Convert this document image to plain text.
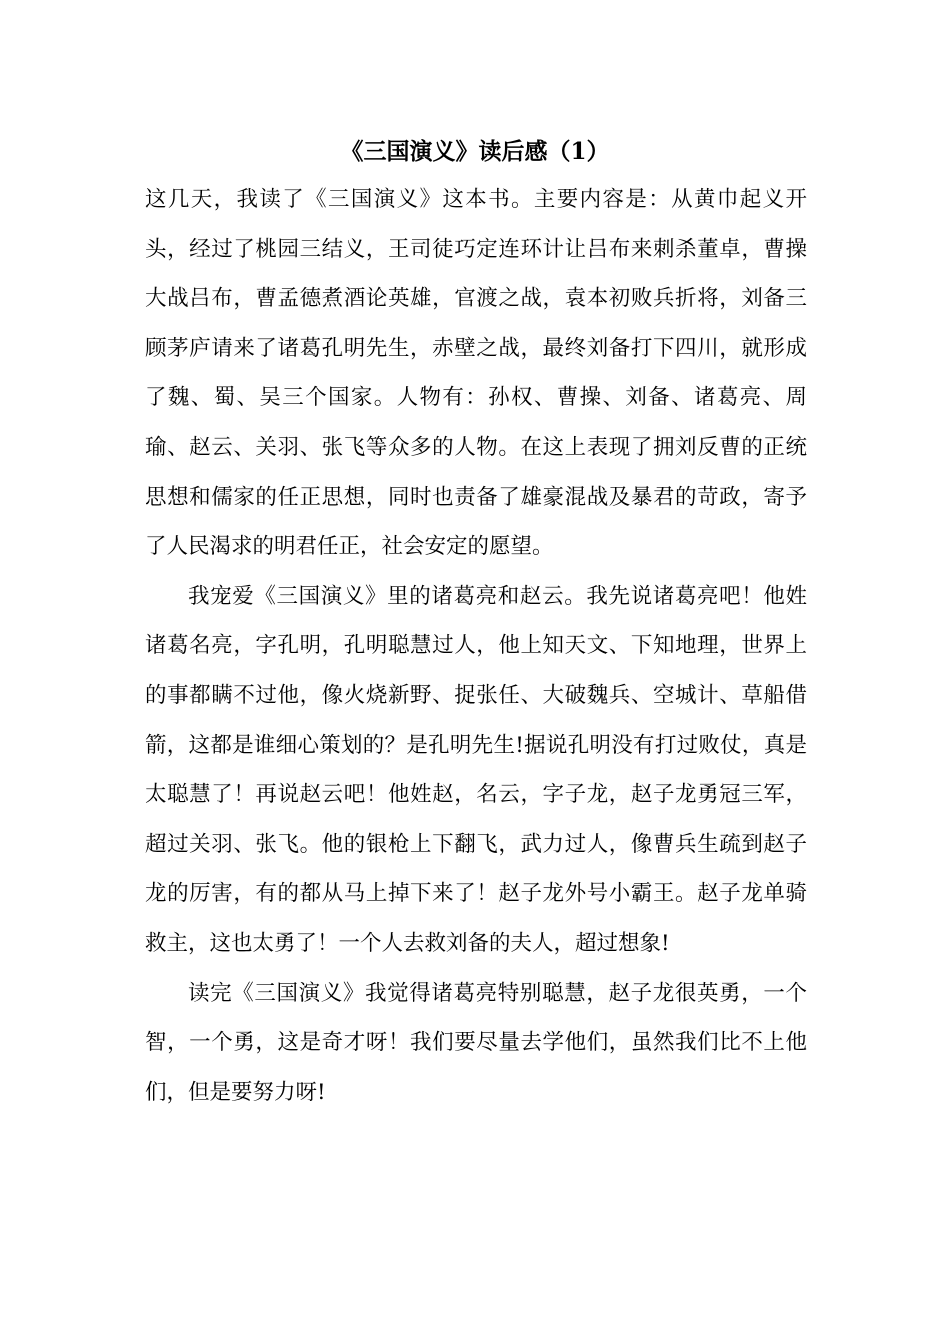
《三国演义》读后感（1）

这几天，我读了《三国演义》这本书。主要内容是：从黄巾起义开头，经过了桃园三结义，王司徒巧定连环计让吕布来刺杀董卓，曹操大战吕布，曹孟德煮酒论英雄，官渡之战，袁本初败兵折将，刘备三顾茅庐请来了诸葛孔明先生，赤壁之战，最终刘备打下四川，就形成了魏、蜀、吴三个国家。人物有：孙权、曹操、刘备、诸葛亮、周瑜、赵云、关羽、张飞等众多的人物。在这上表现了拥刘反曹的正统思想和儒家的任正思想，同时也责备了雄豪混战及暴君的苛政，寄予了人民渴求的明君任正，社会安定的愿望。

我宠爱《三国演义》里的诸葛亮和赵云。我先说诸葛亮吧！他姓诸葛名亮，字孔明，孔明聪慧过人，他上知天文、下知地理，世界上的事都瞒不过他，像火烧新野、捉张任、大破魏兵、空城计、草船借箭，这都是谁细心策划的？是孔明先生!据说孔明没有打过败仗，真是太聪慧了！再说赵云吧！他姓赵，名云，字子龙，赵子龙勇冠三军，超过关羽、张飞。他的银枪上下翻飞，武力过人，像曹兵生疏到赵子龙的厉害，有的都从马上掉下来了！赵子龙外号小霸王。赵子龙单骑救主，这也太勇了！一个人去救刘备的夫人，超过想象!

读完《三国演义》我觉得诸葛亮特别聪慧，赵子龙很英勇，一个智，一个勇，这是奇才呀！我们要尽量去学他们，虽然我们比不上他们，但是要努力呀!
